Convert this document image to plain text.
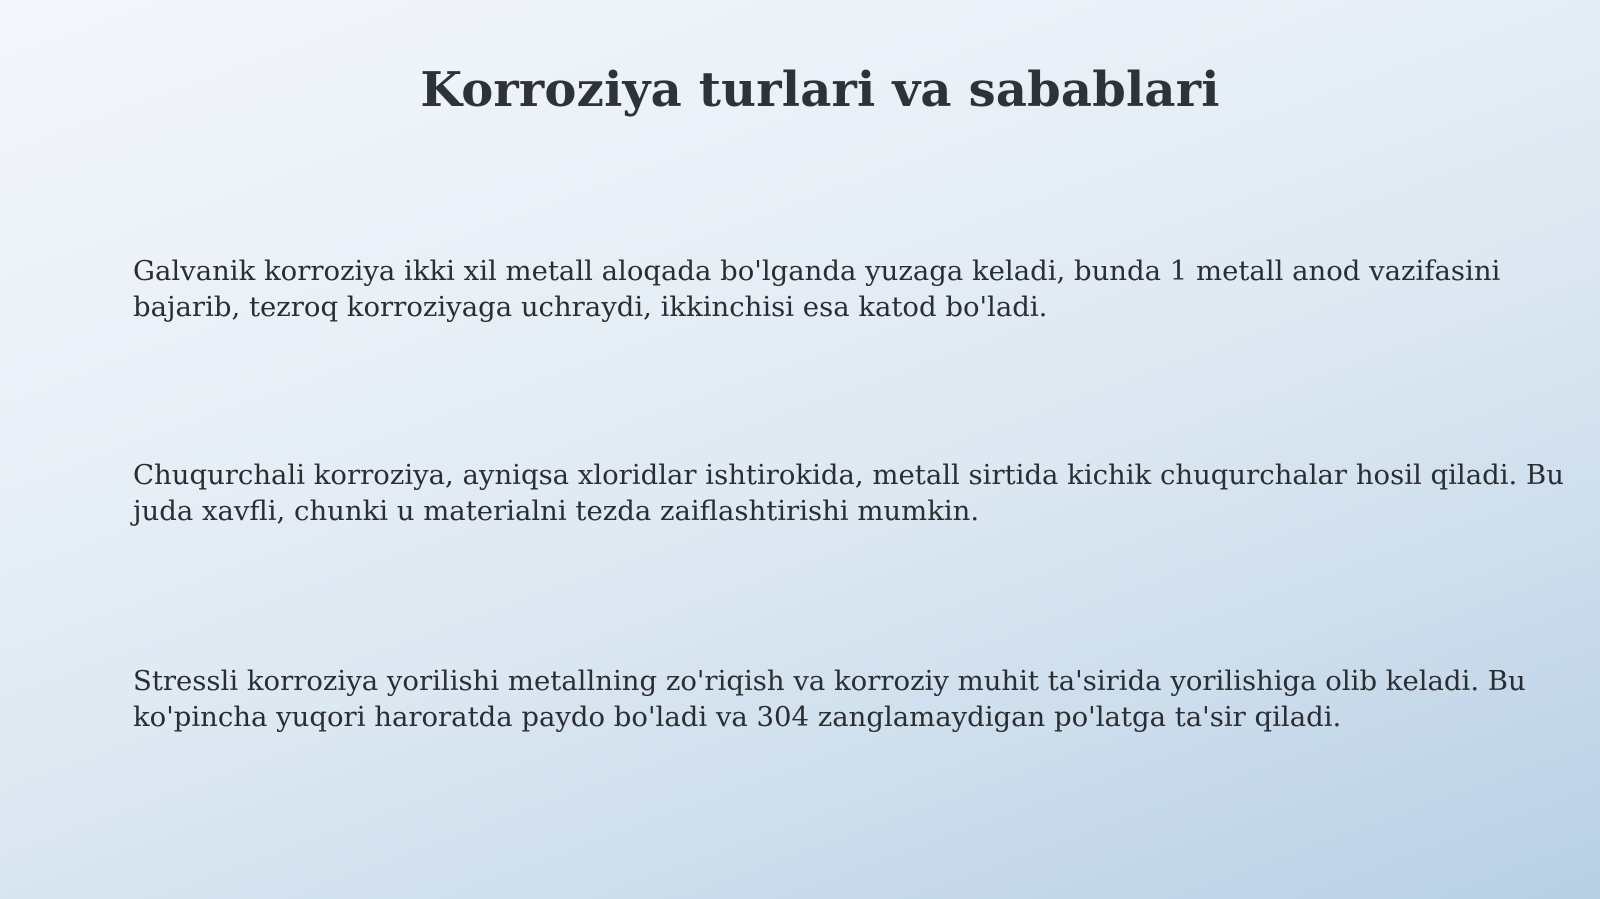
Korroziya turlari va sabablari

Galvanik korroziya ikki xil metall aloqada bo'lganda yuzaga keladi, bunda 1 metall anod vazifasini bajarib, tezroq korroziyaga uchraydi, ikkinchisi esa katod bo'ladi.

Chuqurchali korroziya, ayniqsa xloridlar ishtirokida, metall sirtida kichik chuqurchalar hosil qiladi. Bu juda xavfli, chunki u materialni tezda zaiflashtirishi mumkin.

Stressli korroziya yorilishi metallning zo'riqish va korroziy muhit ta'sirida yorilishiga olib keladi. Bu ko'pincha yuqori haroratda paydo bo'ladi va 304 zanglamaydigan po'latga ta'sir qiladi.
